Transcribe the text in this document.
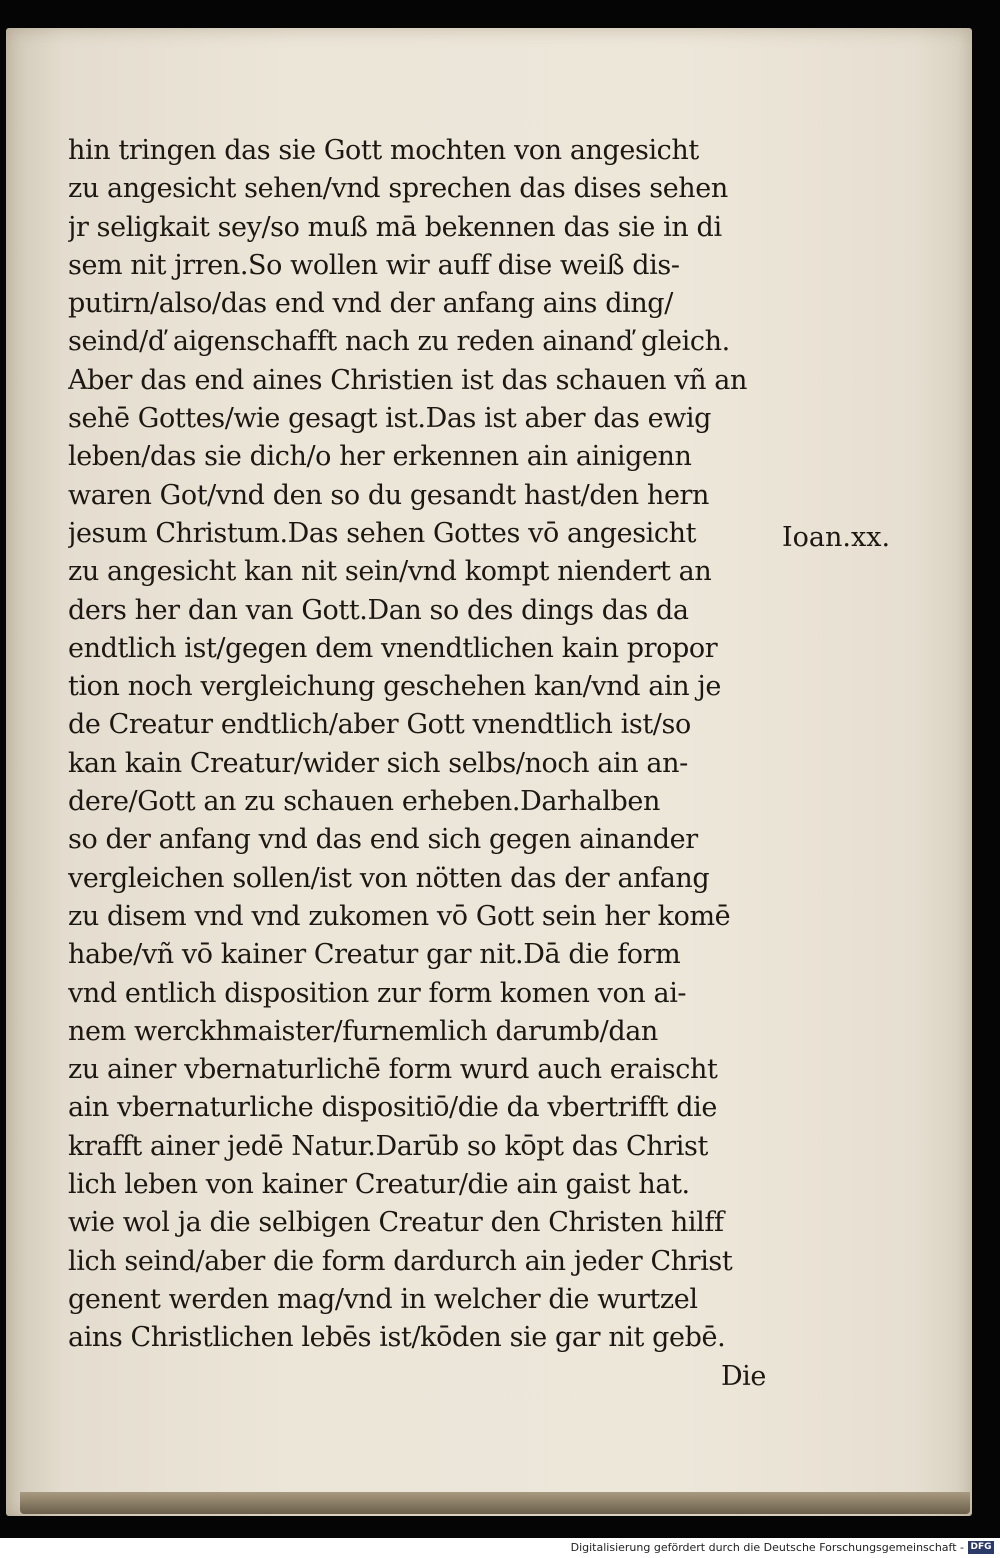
hin tringen das sie Gott mochten von angesicht
zu angesicht sehen/vnd sprechen das dises sehen
jr seligkait sey/so muß mā bekennen das sie in di
sem nit jrren.So wollen wir auff dise weiß dis-
putirn/also/das end vnd der anfang ains ding/
seind/ď aigenschafft nach zu reden ainanď gleich.
Aber das end aines Christien ist das schauen vñ an
sehē Gottes/wie gesagt ist.Das ist aber das ewig
leben/das sie dich/o her erkennen ain ainigenn
waren Got/vnd den so du gesandt hast/den hern
jesum Christum.Das sehen Gottes vō angesicht
zu angesicht kan nit sein/vnd kompt niendert an
ders her dan van Gott.Dan so des dings das da
endtlich ist/gegen dem vnendtlichen kain propor
tion noch vergleichung geschehen kan/vnd ain je
de Creatur endtlich/aber Gott vnendtlich ist/so
kan kain Creatur/wider sich selbs/noch ain an-
dere/Gott an zu schauen erheben.Darhalben
so der anfang vnd das end sich gegen ainander
vergleichen sollen/ist von nötten das der anfang
zu disem vnd vnd zukomen vō Gott sein her komē
habe/vñ vō kainer Creatur gar nit.Dā die form
vnd entlich disposition zur form komen von ai-
nem werckhmaister/furnemlich darumb/dan
zu ainer vbernaturlichē form wurd auch eraischt
ain vbernaturliche dispositiō/die da vbertrifft die
krafft ainer jedē Natur.Darūb so kōpt das Christ
lich leben von kainer Creatur/die ain gaist hat.
wie wol ja die selbigen Creatur den Christen hilff
lich seind/aber die form dardurch ain jeder Christ
genent werden mag/vnd in welcher die wurtzel
ains Christlichen lebēs ist/kōden sie gar nit gebē.
Die
Ioan.xx.
Digitalisierung gefördert durch die Deutsche Forschungsgemeinschaft - DFG
